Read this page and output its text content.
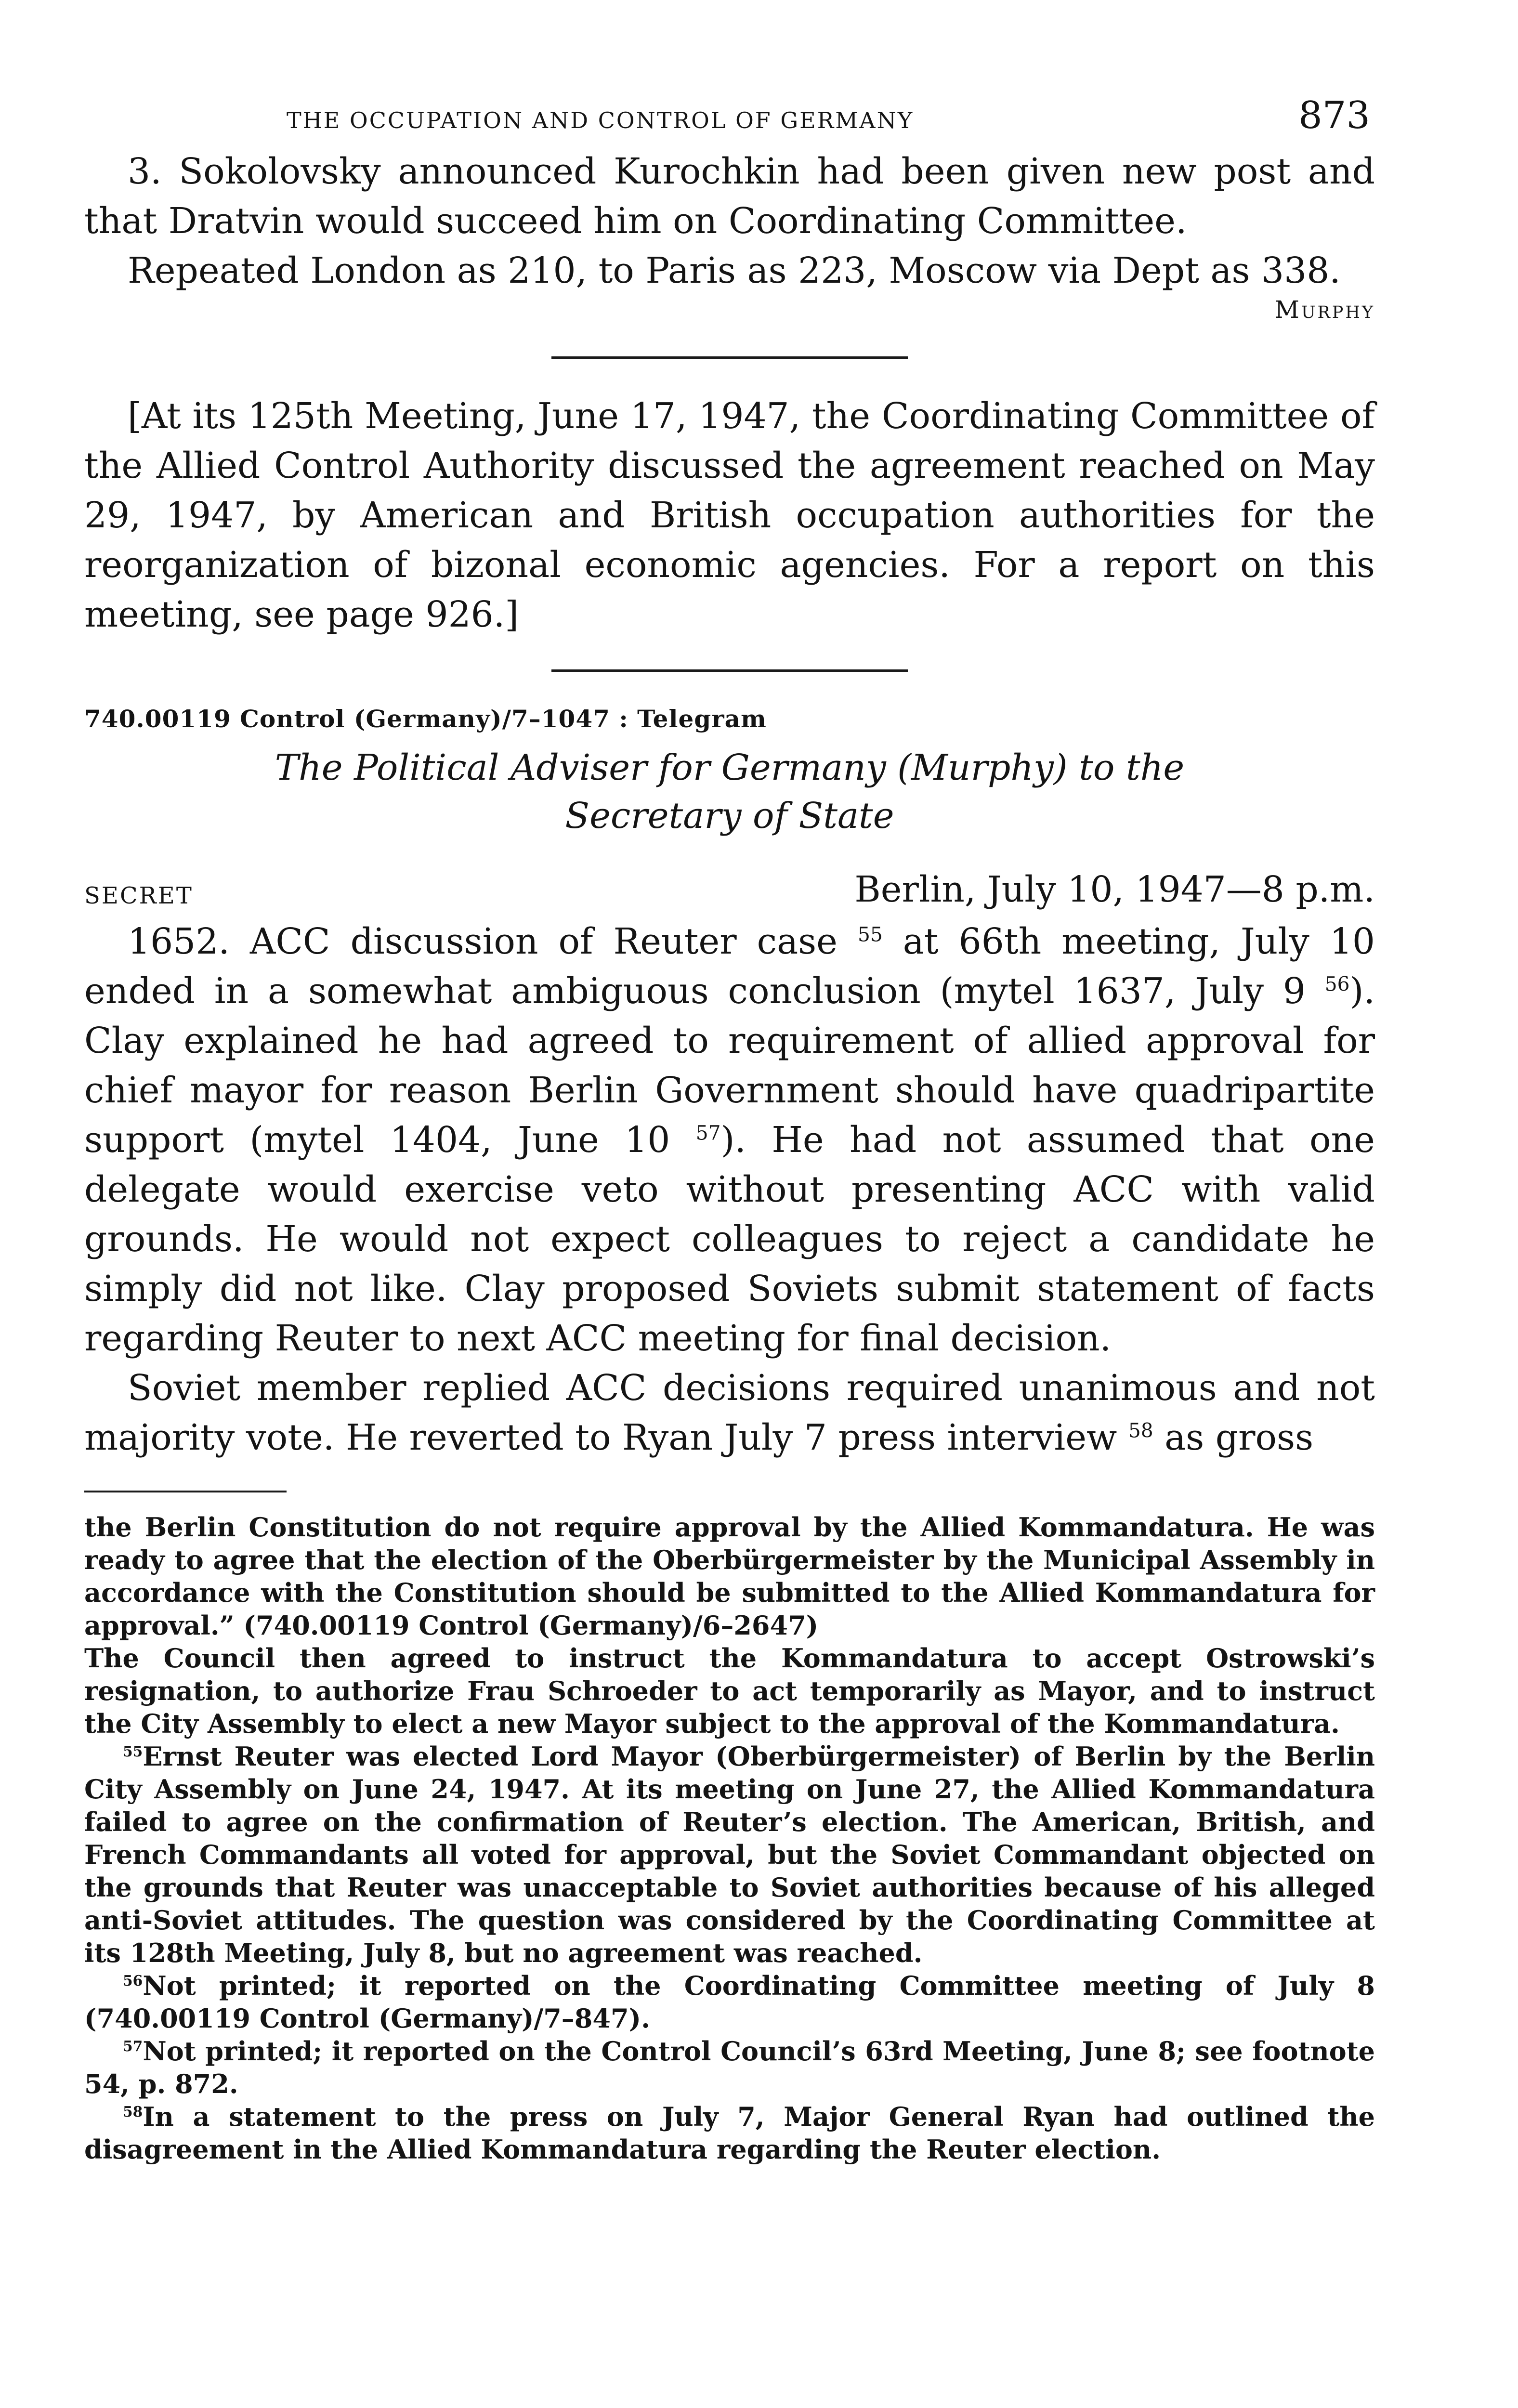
THE OCCUPATION AND CONTROL OF GERMANY	873

3. Sokolovsky announced Kurochkin had been given new post and that Dratvin would succeed him on Coordinating Committee.

Repeated London as 210, to Paris as 223, Moscow via Dept as 338.

Murphy

[At its 125th Meeting, June 17, 1947, the Coordinating Committee of the Allied Control Authority discussed the agreement reached on May 29, 1947, by American and British occupation authorities for the reorganization of bizonal economic agencies. For a report on this meeting, see page 926.]

740.00119 Control (Germany)/7–1047 : Telegram
The Political Adviser for Germany (Murphy) to the
Secretary of State
SECRET	Berlin, July 10, 1947—8 p.m.

1652. ACC discussion of Reuter case $^{55}$ at 66th meeting, July 10 ended in a somewhat ambiguous conclusion (mytel 1637, July 9 $^{56}$). Clay explained he had agreed to requirement of allied approval for chief mayor for reason Berlin Government should have quadripartite support (mytel 1404, June 10 $^{57}$). He had not assumed that one delegate would exercise veto without presenting ACC with valid grounds. He would not expect colleagues to reject a candidate he simply did not like. Clay proposed Soviets submit statement of facts regarding Reuter to next ACC meeting for final decision.

Soviet member replied ACC decisions required unanimous and not majority vote. He reverted to Ryan July 7 press interview $^{58}$ as gross

the Berlin Constitution do not require approval by the Allied Kommandatura. He was ready to agree that the election of the Oberbürgermeister by the Municipal Assembly in accordance with the Constitution should be submitted to the Allied Kommandatura for approval.” (740.00119 Control (Germany)/6–2647)

The Council then agreed to instruct the Kommandatura to accept Ostrowski’s resignation, to authorize Frau Schroeder to act temporarily as Mayor, and to instruct the City Assembly to elect a new Mayor subject to the approval of the Kommandatura.

$^{55}$Ernst Reuter was elected Lord Mayor (Oberbürgermeister) of Berlin by the Berlin City Assembly on June 24, 1947. At its meeting on June 27, the Allied Kommandatura failed to agree on the confirmation of Reuter’s election. The American, British, and French Commandants all voted for approval, but the Soviet Commandant objected on the grounds that Reuter was unacceptable to Soviet authorities because of his alleged anti-Soviet attitudes. The question was considered by the Coordinating Committee at its 128th Meeting, July 8, but no agreement was reached.

$^{56}$Not printed; it reported on the Coordinating Committee meeting of July 8 (740.00119 Control (Germany)/7–847).

$^{57}$Not printed; it reported on the Control Council’s 63rd Meeting, June 8; see footnote 54, p. 872.

$^{58}$In a statement to the press on July 7, Major General Ryan had outlined the disagreement in the Allied Kommandatura regarding the Reuter election.
